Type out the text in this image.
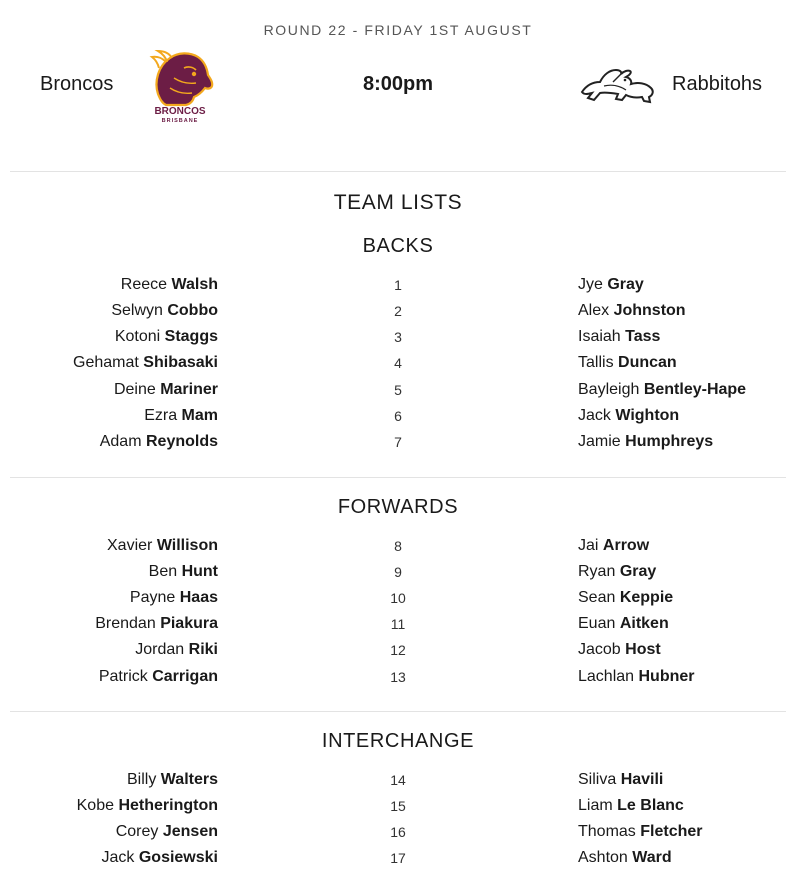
ROUND 22 - FRIDAY 1ST AUGUST
Broncos
BRONCOS
BRISBANE
8:00pm	Rabbitohs
TEAM LISTS
BACKS
Reece Walsh	1	Jye Gray
Selwyn Cobbo	2	Alex Johnston
Kotoni Staggs	3	Isaiah Tass
Gehamat Shibasaki	4	Tallis Duncan
Deine Mariner	5	Bayleigh Bentley-Hape
Ezra Mam	6	Jack Wighton
Adam Reynolds	7	Jamie Humphreys
FORWARDS
Xavier Willison	8	Jai Arrow
Ben Hunt	9	Ryan Gray
Payne Haas	10	Sean Keppie
Brendan Piakura	11	Euan Aitken
Jordan Riki	12	Jacob Host
Patrick Carrigan	13	Lachlan Hubner
INTERCHANGE
Billy Walters	14	Siliva Havili
Kobe Hetherington	15	Liam Le Blanc
Corey Jensen	16	Thomas Fletcher
Jack Gosiewski	17	Ashton Ward
